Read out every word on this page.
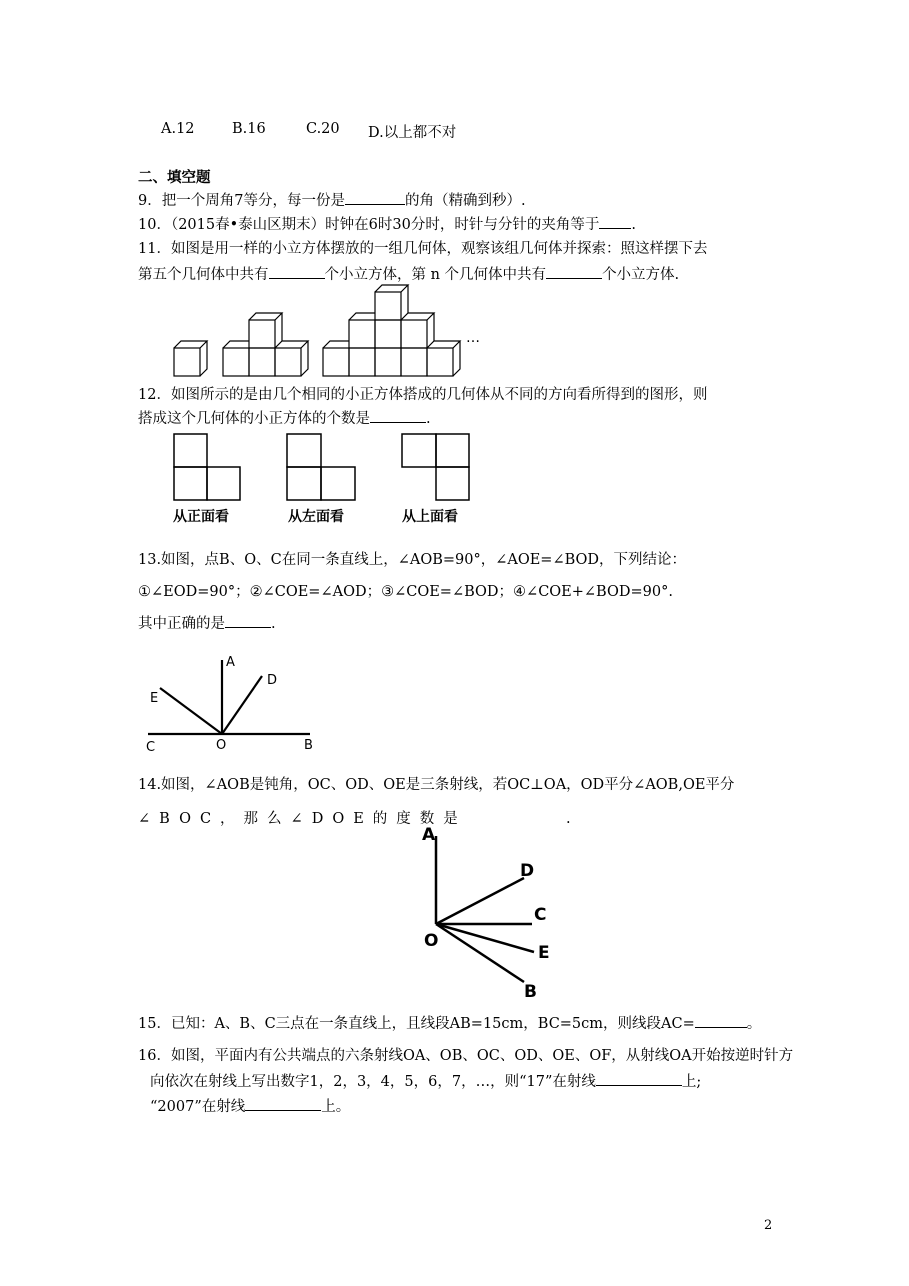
A.12	B.16	C.20 D.以上都不对
二、填空题
9．把一个周角7等分，每一份是	的角（精确到秒）.
10．（2015春•泰山区期末）时钟在6时30分时，时针与分针的夹角等于 .
11．如图是用一样的小立方体摆放的一组几何体，观察该组几何体并探索：照这样摆下去
第五个几何体中共有	个小立方体，第 n 个几何体中共有	个小立方体.
…
12．如图所示的是由几个相同的小正方体搭成的几何体从不同的方向看所得到的图形，则
搭成这个几何体的小正方体的个数是	.
从正面看	从左面看	从上面看
13.如图，点B、O、C在同一条直线上，∠AOB=90°，∠AOE=∠BOD，下列结论：
①∠EOD=90°；②∠COE=∠AOD；③∠COE=∠BOD；④∠COE+∠BOD=90°.
其中正确的是	.
A
D
E
C	O	B
14.如图，∠AOB是钝角，OC、OD、OE是三条射线，若OC⊥OA，OD平分∠AOB,OE平分
∠BOC，那么∠DOE的度数是	.
A
D
C
O
E
B
15．已知：A、B、C三点在一条直线上，且线段AB=15cm，BC=5cm，则线段AC=	。
16．如图，平面内有公共端点的六条射线OA、OB、OC、OD、OE、OF，从射线OA开始按逆时针方
向依次在射线上写出数字1，2，3，4，5，6，7，…，则“17”在射线	上;
“2007”在射线	上。
2
